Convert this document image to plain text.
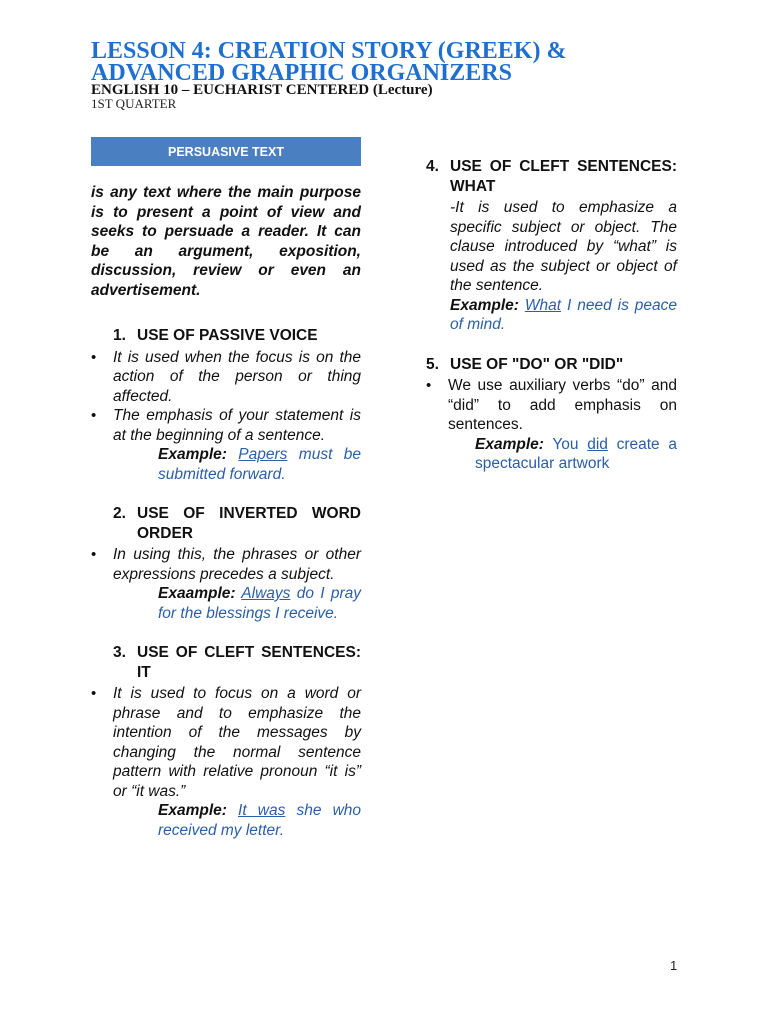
LESSON 4: CREATION STORY (GREEK) &
ADVANCED GRAPHIC ORGANIZERS
ENGLISH 10 – EUCHARIST CENTERED (Lecture)
1ST QUARTER
PERSUASIVE TEXT

is any text where the main purpose is to present a point of view and seeks to persuade a reader. It can be an argument, exposition, discussion, review or even an advertisement.

1. USE OF PASSIVE VOICE
•	It is used when the focus is on the action of the person or thing affected.
•	The emphasis of your statement is at the beginning of a sentence.

Example: Papers must be submitted forward.

2. USE OF INVERTED WORD ORDER
•	In using this, the phrases or other expressions precedes a subject.

Exaample: Always do I pray for the blessings I receive.

3. USE OF CLEFT SENTENCES: IT
•	It is used to focus on a word or phrase and to emphasize the intention of the messages by changing the normal sentence pattern with relative pronoun “it is” or “it was.”

Example: It was she who received my letter.

4. USE OF CLEFT SENTENCES: WHAT

-It is used to emphasize a specific subject or object. The clause introduced by “what” is used as the subject or object of the sentence.

Example: What I need is peace of mind.

5. USE OF "DO" OR "DID"
•	We use auxiliary verbs “do” and “did” to add emphasis on sentences.

Example: You did create a spectacular artwork

1
